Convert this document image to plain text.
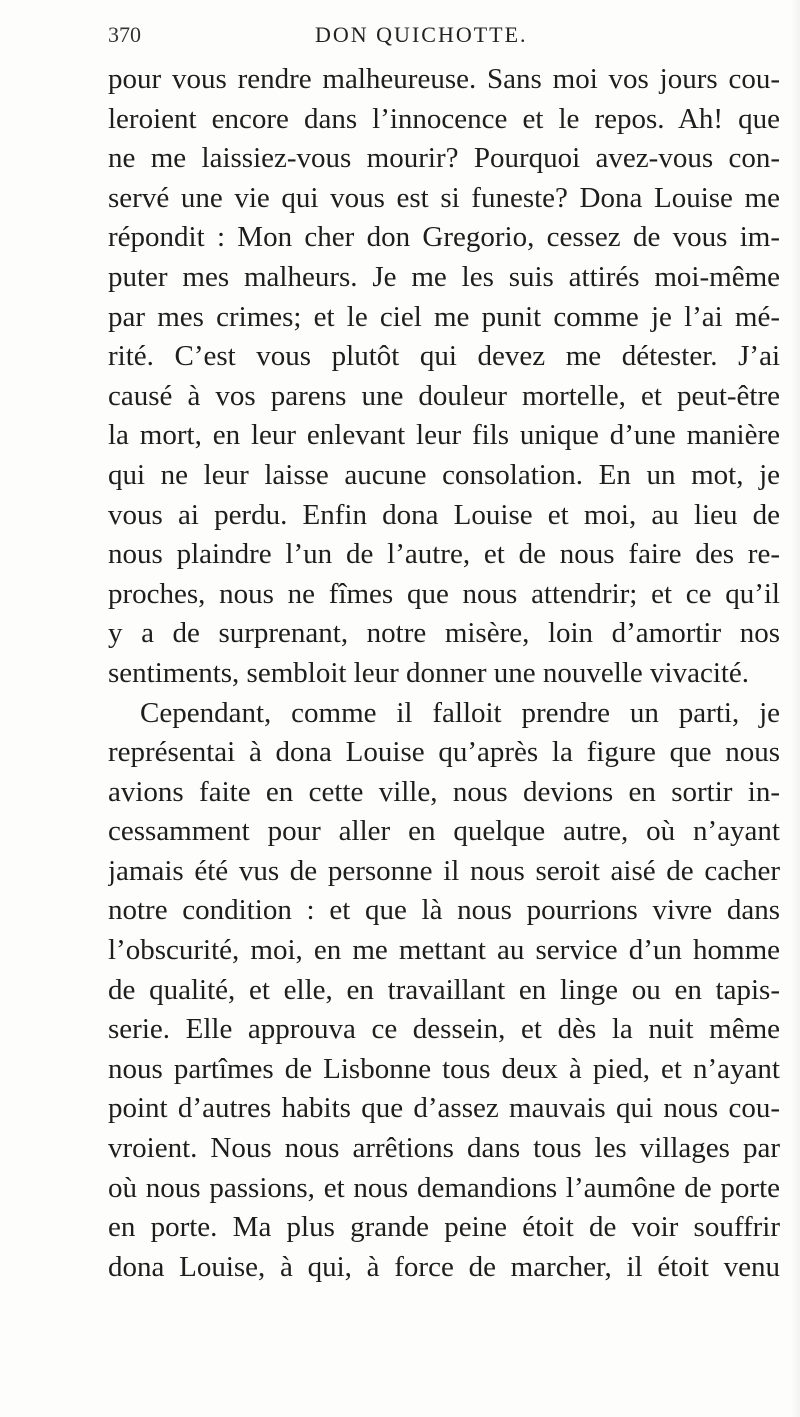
370	DON QUICHOTTE.
pour vous rendre malheureuse. Sans moi vos jours cou-
leroient encore dans l’innocence et le repos. Ah! que
ne me laissiez-vous mourir? Pourquoi avez-vous con-
servé une vie qui vous est si funeste? Dona Louise me
répondit : Mon cher don Gregorio, cessez de vous im-
puter mes malheurs. Je me les suis attirés moi-même
par mes crimes; et le ciel me punit comme je l’ai mé-
rité. C’est vous plutôt qui devez me détester. J’ai
causé à vos parens une douleur mortelle, et peut-être
la mort, en leur enlevant leur fils unique d’une manière
qui ne leur laisse aucune consolation. En un mot, je
vous ai perdu. Enfin dona Louise et moi, au lieu de
nous plaindre l’un de l’autre, et de nous faire des re-
proches, nous ne fîmes que nous attendrir; et ce qu’il
y a de surprenant, notre misère, loin d’amortir nos
sentiments, sembloit leur donner une nouvelle vivacité.
Cependant, comme il falloit prendre un parti, je
représentai à dona Louise qu’après la figure que nous
avions faite en cette ville, nous devions en sortir in-
cessamment pour aller en quelque autre, où n’ayant
jamais été vus de personne il nous seroit aisé de cacher
notre condition : et que là nous pourrions vivre dans
l’obscurité, moi, en me mettant au service d’un homme
de qualité, et elle, en travaillant en linge ou en tapis-
serie. Elle approuva ce dessein, et dès la nuit même
nous partîmes de Lisbonne tous deux à pied, et n’ayant
point d’autres habits que d’assez mauvais qui nous cou-
vroient. Nous nous arrêtions dans tous les villages par
où nous passions, et nous demandions l’aumône de porte
en porte. Ma plus grande peine étoit de voir souffrir
dona Louise, à qui, à force de marcher, il étoit venu
